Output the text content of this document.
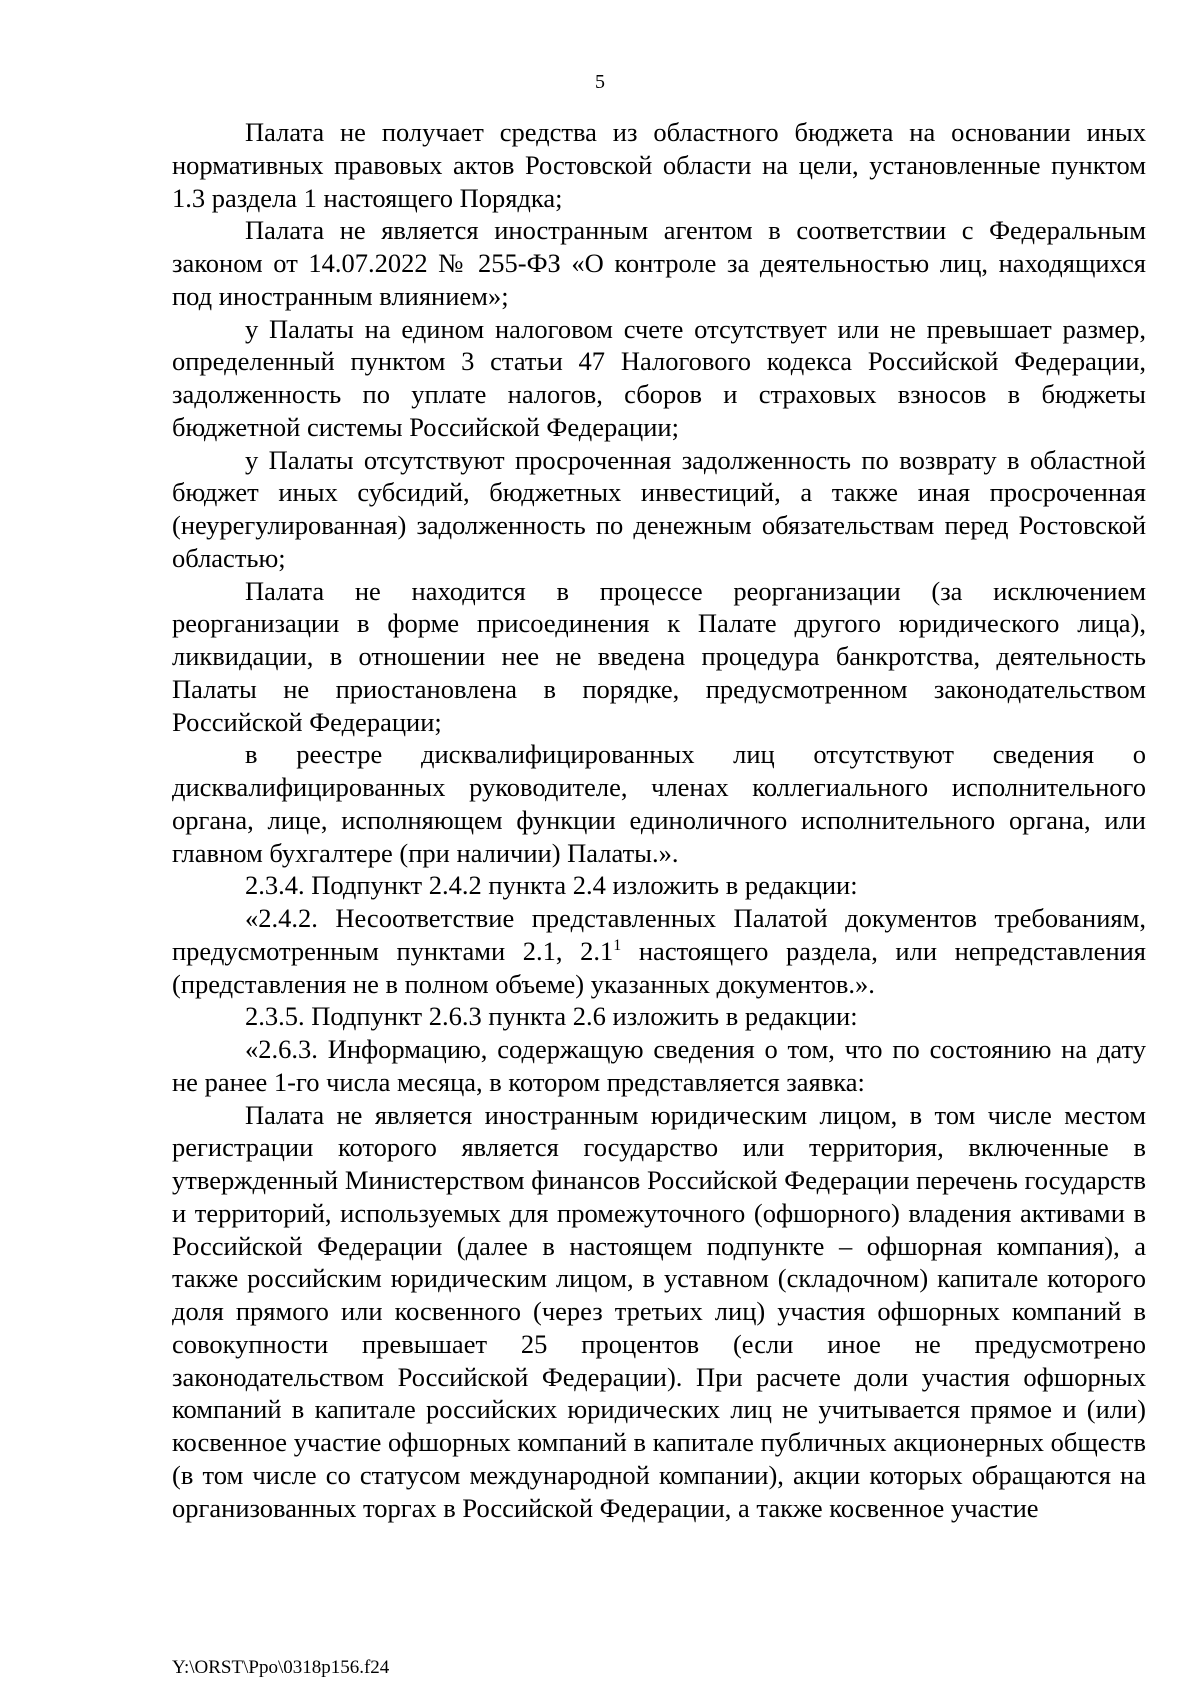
5

Палата не получает средства из областного бюджета на основании иных нормативных правовых актов Ростовской области на цели, установленные пунктом 1.3 раздела 1 настоящего Порядка;

Палата не является иностранным агентом в соответствии с Федеральным законом от 14.07.2022 № 255-ФЗ «О контроле за деятельностью лиц, находящихся под иностранным влиянием»;

у Палаты на едином налоговом счете отсутствует или не превышает размер, определенный пунктом 3 статьи 47 Налогового кодекса Российской Федерации, задолженность по уплате налогов, сборов и страховых взносов в бюджеты бюджетной системы Российской Федерации;

у Палаты отсутствуют просроченная задолженность по возврату в областной бюджет иных субсидий, бюджетных инвестиций, а также иная просроченная (неурегулированная) задолженность по денежным обязательствам перед Ростовской областью;

Палата не находится в процессе реорганизации (за исключением реорганизации в форме присоединения к Палате другого юридического лица), ликвидации, в отношении нее не введена процедура банкротства, деятельность Палаты не приостановлена в порядке, предусмотренном законодательством Российской Федерации;

в реестре дисквалифицированных лиц отсутствуют сведения о дисквалифицированных руководителе, членах коллегиального исполнительного органа, лице, исполняющем функции единоличного исполнительного органа, или главном бухгалтере (при наличии) Палаты.».

2.3.4. Подпункт 2.4.2 пункта 2.4 изложить в редакции:

«2.4.2. Несоответствие представленных Палатой документов требованиям, предусмотренным пунктами 2.1, $2.1^1$ настоящего раздела, или непредставления (представления не в полном объеме) указанных документов.».

2.3.5. Подпункт 2.6.3 пункта 2.6 изложить в редакции:

«2.6.3. Информацию, содержащую сведения о том, что по состоянию на дату не ранее 1-го числа месяца, в котором представляется заявка:

Палата не является иностранным юридическим лицом, в том числе местом регистрации которого является государство или территория, включенные в утвержденный Министерством финансов Российской Федерации перечень государств и территорий, используемых для промежуточного (офшорного) владения активами в Российской Федерации (далее в настоящем подпункте – офшорная компания), а также российским юридическим лицом, в уставном (складочном) капитале которого доля прямого или косвенного (через третьих лиц) участия офшорных компаний в совокупности превышает 25 процентов (если иное не предусмотрено законодательством Российской Федерации). При расчете доли участия офшорных компаний в капитале российских юридических лиц не учитывается прямое и (или) косвенное участие офшорных компаний в капитале публичных акционерных обществ (в том числе со статусом международной компании), акции которых обращаются на организованных торгах в Российской Федерации, а также косвенное участие

Y:\ORST\Ppo\0318p156.f24
